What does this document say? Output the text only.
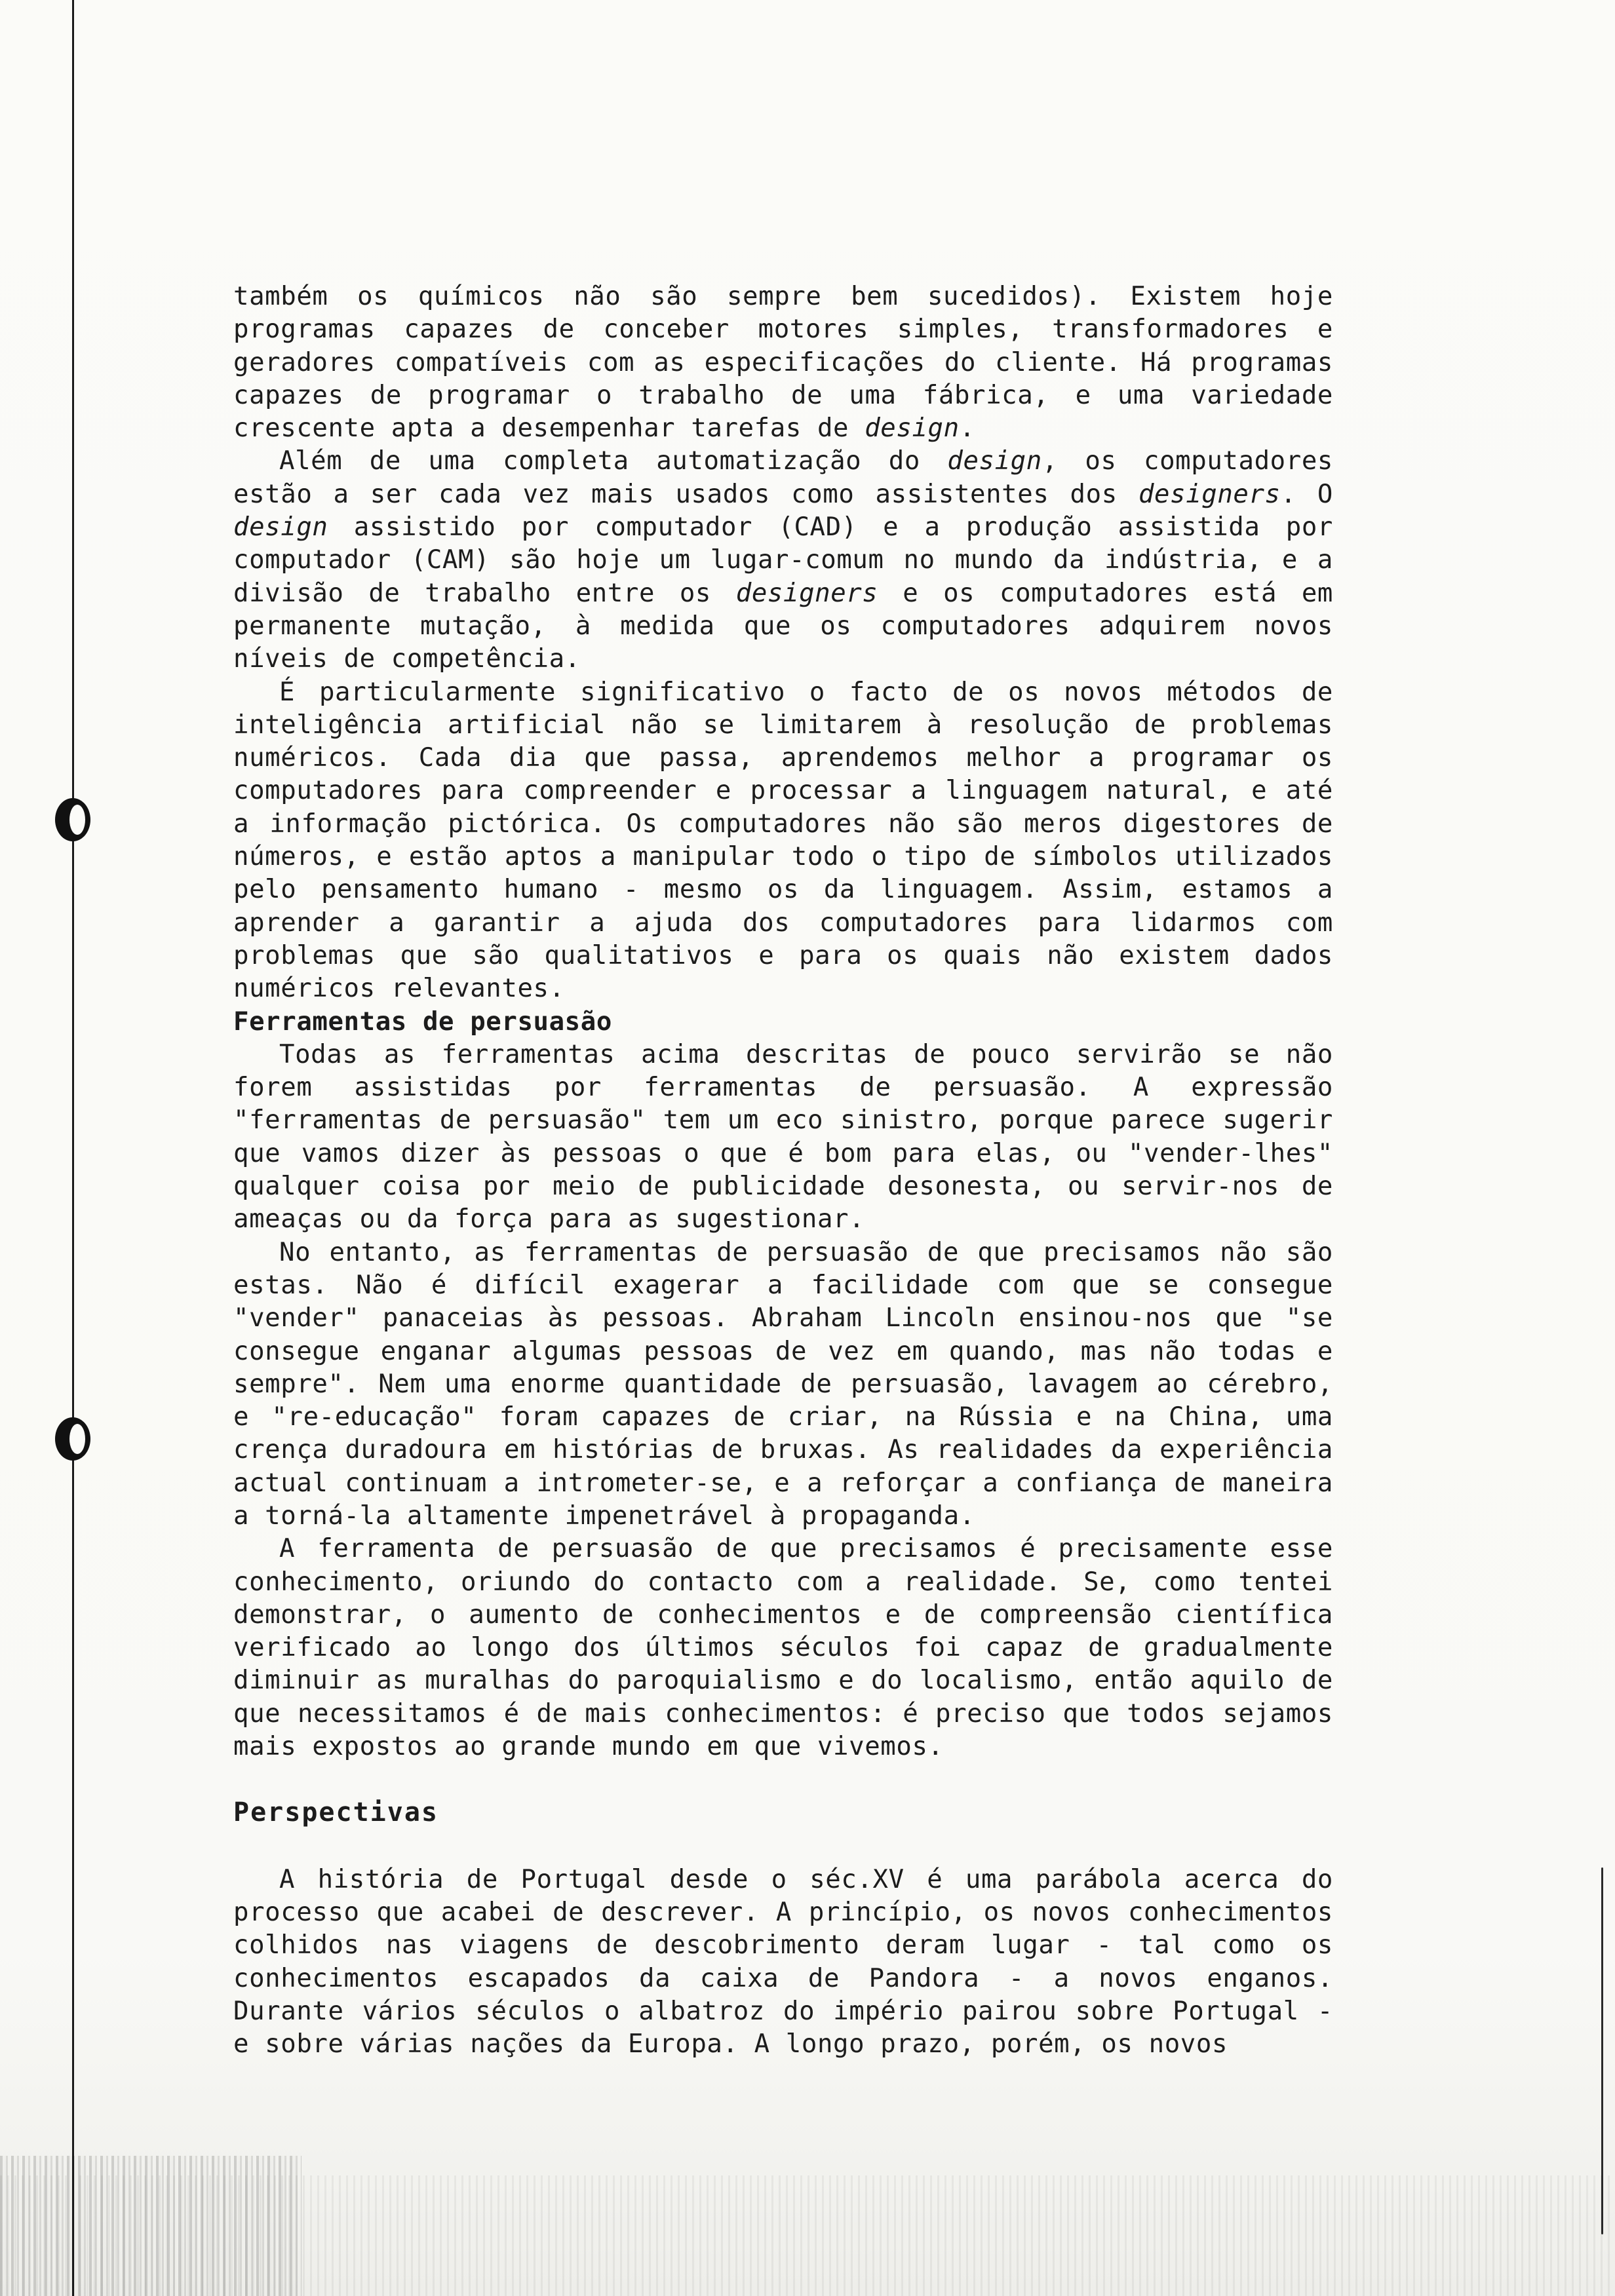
também os químicos não são sempre bem sucedidos). Existem hoje programas capazes de conceber motores simples, transformadores e geradores compatíveis com as especificações do cliente. Há programas capazes de programar o trabalho de uma fábrica, e uma variedade crescente apta a desempenhar tarefas de design.

Além de uma completa automatização do design, os computadores estão a ser cada vez mais usados como assistentes dos designers. O design assistido por computador (CAD) e a produção assistida por computador (CAM) são hoje um lugar-comum no mundo da indústria, e a divisão de trabalho entre os designers e os computadores está em permanente mutação, à medida que os computadores adquirem novos níveis de competência.

É particularmente significativo o facto de os novos métodos de inteligência artificial não se limitarem à resolução de problemas numéricos. Cada dia que passa, aprendemos melhor a programar os computadores para compreender e processar a linguagem natural, e até a informação pictórica. Os computadores não são meros digestores de números, e estão aptos a manipular todo o tipo de símbolos utilizados pelo pensamento humano - mesmo os da linguagem. Assim, estamos a aprender a garantir a ajuda dos computadores para lidarmos com problemas que são qualitativos e para os quais não existem dados numéricos relevantes.

Ferramentas de persuasão

Todas as ferramentas acima descritas de pouco servirão se não forem assistidas por ferramentas de persuasão. A expressão "ferramentas de persuasão" tem um eco sinistro, porque parece sugerir que vamos dizer às pessoas o que é bom para elas, ou "vender-lhes" qualquer coisa por meio de publicidade desonesta, ou servir-nos de ameaças ou da força para as sugestionar.

No entanto, as ferramentas de persuasão de que precisamos não são estas. Não é difícil exagerar a facilidade com que se consegue "vender" panaceias às pessoas. Abraham Lincoln ensinou-nos que "se consegue enganar algumas pessoas de vez em quando, mas não todas e sempre". Nem uma enorme quantidade de persuasão, lavagem ao cérebro, e "re-educação" foram capazes de criar, na Rússia e na China, uma crença duradoura em histórias de bruxas. As realidades da experiência actual continuam a intrometer-se, e a reforçar a confiança de maneira a torná-la altamente impenetrável à propaganda.

A ferramenta de persuasão de que precisamos é precisamente esse conhecimento, oriundo do contacto com a realidade. Se, como tentei demonstrar, o aumento de conhecimentos e de compreensão científica verificado ao longo dos últimos séculos foi capaz de gradualmente diminuir as muralhas do paroquialismo e do localismo, então aquilo de que necessitamos é de mais conhecimentos: é preciso que todos sejamos mais expostos ao grande mundo em que vivemos.

Perspectivas

A história de Portugal desde o séc.XV é uma parábola acerca do processo que acabei de descrever. A princípio, os novos conhecimentos colhidos nas viagens de descobrimento deram lugar - tal como os conhecimentos escapados da caixa de Pandora - a novos enganos. Durante vários séculos o albatroz do império pairou sobre Portugal - e sobre várias nações da Europa. A longo prazo, porém, os novos
